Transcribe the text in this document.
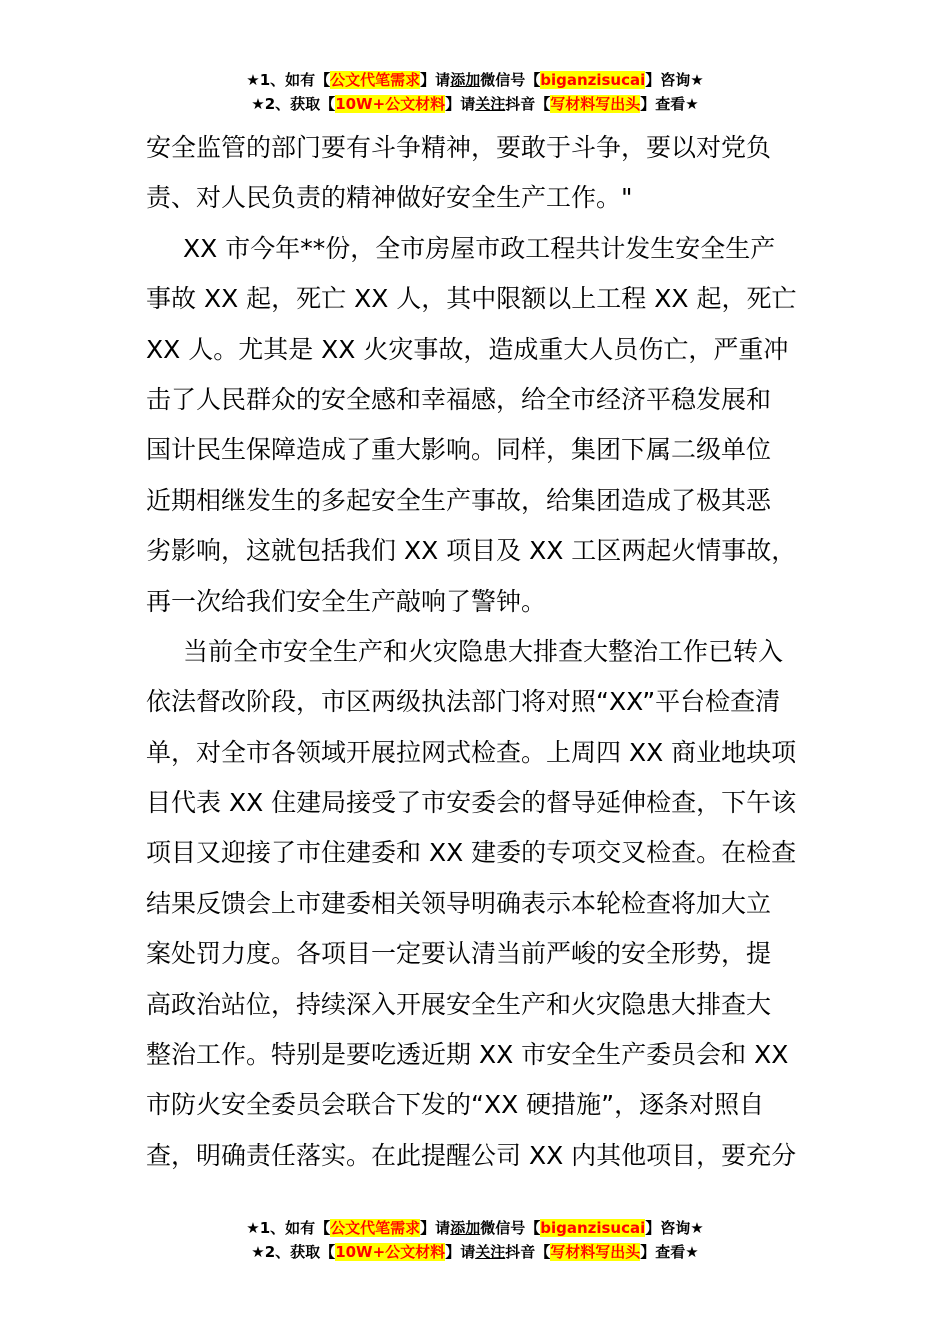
★1、如有【公文代笔需求】请添加微信号【biganzisucai】咨询★
★2、获取【10W+公文材料】请关注抖音【写材料写出头】查看★
安全监管的部门要有斗争精神，要敢于斗争，要以对党负
责、对人民负责的精神做好安全生产工作。"
XX 市今年**份，全市房屋市政工程共计发生安全生产
事故 XX 起，死亡 XX 人，其中限额以上工程 XX 起，死亡
XX 人。尤其是 XX 火灾事故，造成重大人员伤亡，严重冲
击了人民群众的安全感和幸福感，给全市经济平稳发展和
国计民生保障造成了重大影响。同样，集团下属二级单位
近期相继发生的多起安全生产事故，给集团造成了极其恶
劣影响，这就包括我们 XX 项目及 XX 工区两起火情事故，
再一次给我们安全生产敲响了警钟。
当前全市安全生产和火灾隐患大排查大整治工作已转入
依法督改阶段，市区两级执法部门将对照“XX”平台检查清
单，对全市各领域开展拉网式检查。上周四 XX 商业地块项
目代表 XX 住建局接受了市安委会的督导延伸检查，下午该
项目又迎接了市住建委和 XX 建委的专项交叉检查。在检查
结果反馈会上市建委相关领导明确表示本轮检查将加大立
案处罚力度。各项目一定要认清当前严峻的安全形势，提
高政治站位，持续深入开展安全生产和火灾隐患大排查大
整治工作。特别是要吃透近期 XX 市安全生产委员会和 XX
市防火安全委员会联合下发的“XX 硬措施”，逐条对照自
查，明确责任落实。在此提醒公司 XX 内其他项目，要充分
★1、如有【公文代笔需求】请添加微信号【biganzisucai】咨询★
★2、获取【10W+公文材料】请关注抖音【写材料写出头】查看★
